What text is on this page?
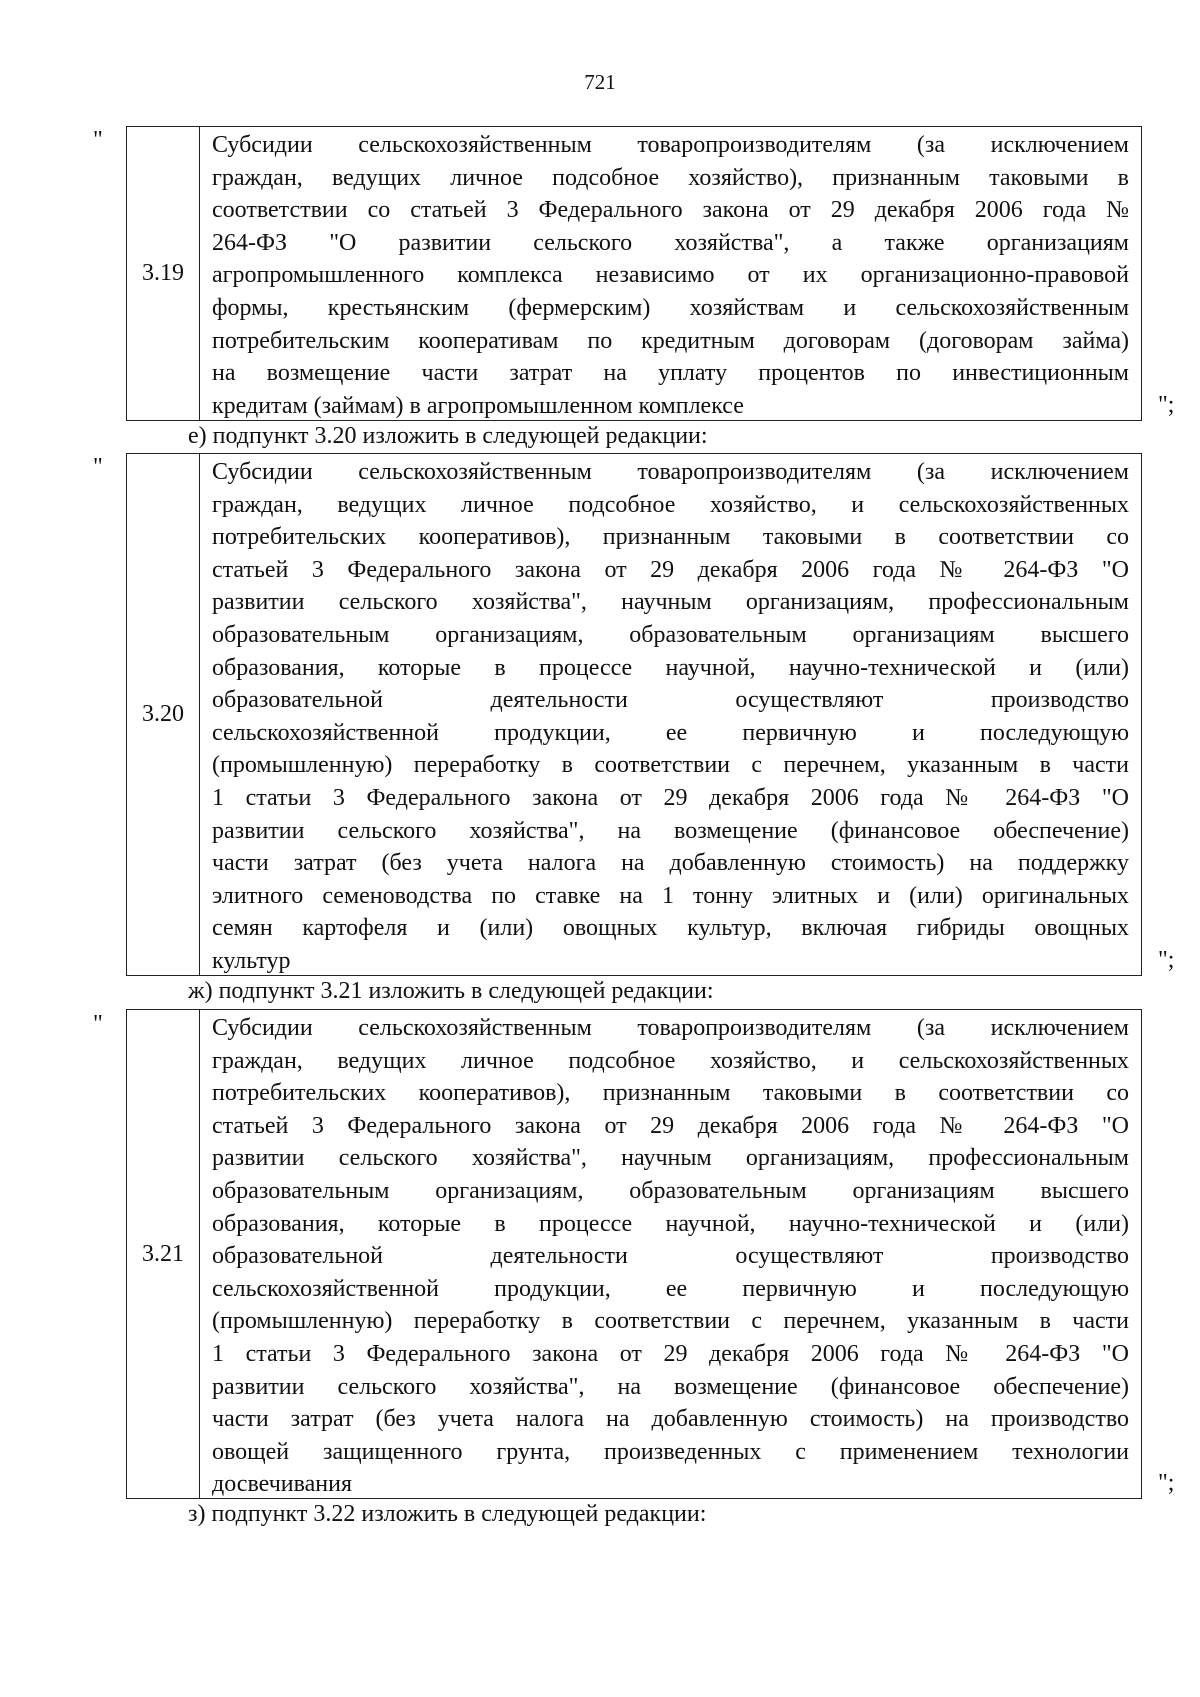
721
"
3.19
Субсидии сельскохозяйственным товаропроизводителям (за исключением
граждан, ведущих личное подсобное хозяйство), признанным таковыми в
соответствии со статьей 3 Федерального закона от 29 декабря 2006 года №
264-ФЗ "О развитии сельского хозяйства", а также организациям
агропромышленного комплекса независимо от их организационно-правовой
формы, крестьянским (фермерским) хозяйствам и сельскохозяйственным
потребительским кооперативам по кредитным договорам (договорам займа)
на возмещение части затрат на уплату процентов по инвестиционным
кредитам (займам) в агропромышленном комплексе	";
е) подпункт 3.20 изложить в следующей редакции:
"
3.20
Субсидии сельскохозяйственным товаропроизводителям (за исключением
граждан, ведущих личное подсобное хозяйство, и сельскохозяйственных
потребительских кооперативов), признанным таковыми в соответствии со
статьей 3 Федерального закона от 29 декабря 2006 года № 264-ФЗ "О
развитии сельского хозяйства", научным организациям, профессиональным
образовательным организациям, образовательным организациям высшего
образования, которые в процессе научной, научно-технической и (или)
образовательной деятельности осуществляют производство
сельскохозяйственной продукции, ее первичную и последующую
(промышленную) переработку в соответствии с перечнем, указанным в части
1 статьи 3 Федерального закона от 29 декабря 2006 года № 264-ФЗ "О
развитии сельского хозяйства", на возмещение (финансовое обеспечение)
части затрат (без учета налога на добавленную стоимость) на поддержку
элитного семеноводства по ставке на 1 тонну элитных и (или) оригинальных
семян картофеля и (или) овощных культур, включая гибриды овощных
культур	";
ж) подпункт 3.21 изложить в следующей редакции:
"
3.21
Субсидии сельскохозяйственным товаропроизводителям (за исключением
граждан, ведущих личное подсобное хозяйство, и сельскохозяйственных
потребительских кооперативов), признанным таковыми в соответствии со
статьей 3 Федерального закона от 29 декабря 2006 года № 264-ФЗ "О
развитии сельского хозяйства", научным организациям, профессиональным
образовательным организациям, образовательным организациям высшего
образования, которые в процессе научной, научно-технической и (или)
образовательной деятельности осуществляют производство
сельскохозяйственной продукции, ее первичную и последующую
(промышленную) переработку в соответствии с перечнем, указанным в части
1 статьи 3 Федерального закона от 29 декабря 2006 года № 264-ФЗ "О
развитии сельского хозяйства", на возмещение (финансовое обеспечение)
части затрат (без учета налога на добавленную стоимость) на производство
овощей защищенного грунта, произведенных с применением технологии
досвечивания	";
з) подпункт 3.22 изложить в следующей редакции:
